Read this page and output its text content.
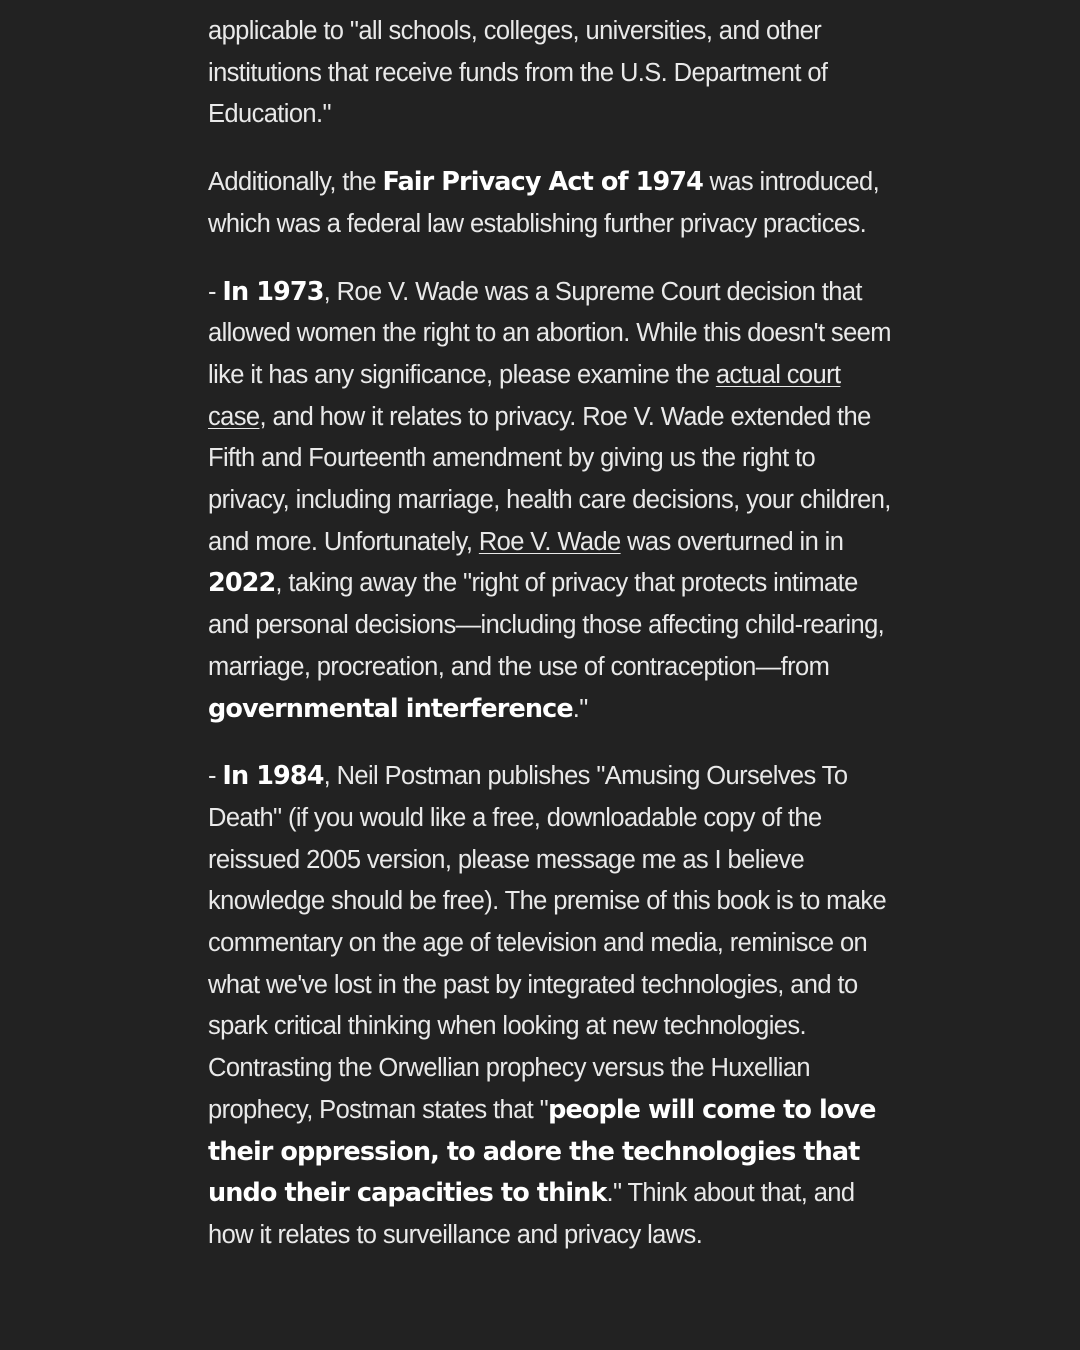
applicable to "all schools, colleges, universities, and other institutions that receive funds from the U.S. Department of Education."

Additionally, the Fair Privacy Act of 1974 was introduced, which was a federal law establishing further privacy practices.

- In 1973, Roe V. Wade was a Supreme Court decision that allowed women the right to an abortion. While this doesn't seem like it has any significance, please examine the actual court case, and how it relates to privacy. Roe V. Wade extended the Fifth and Fourteenth amendment by giving us the right to privacy, including marriage, health care decisions, your children, and more. Unfortunately, Roe V. Wade was overturned in in 2022, taking away the "right of privacy that protects intimate and personal decisions—including those affecting child-rearing, marriage, procreation, and the use of contraception—from governmental interference."

- In 1984, Neil Postman publishes "Amusing Ourselves To Death" (if you would like a free, downloadable copy of the reissued 2005 version, please message me as I believe knowledge should be free). The premise of this book is to make commentary on the age of television and media, reminisce on what we've lost in the past by integrated technologies, and to spark critical thinking when looking at new technologies. Contrasting the Orwellian prophecy versus the Huxellian prophecy, Postman states that "people will come to love their oppression, to adore the technologies that undo their capacities to think." Think about that, and how it relates to surveillance and privacy laws.
